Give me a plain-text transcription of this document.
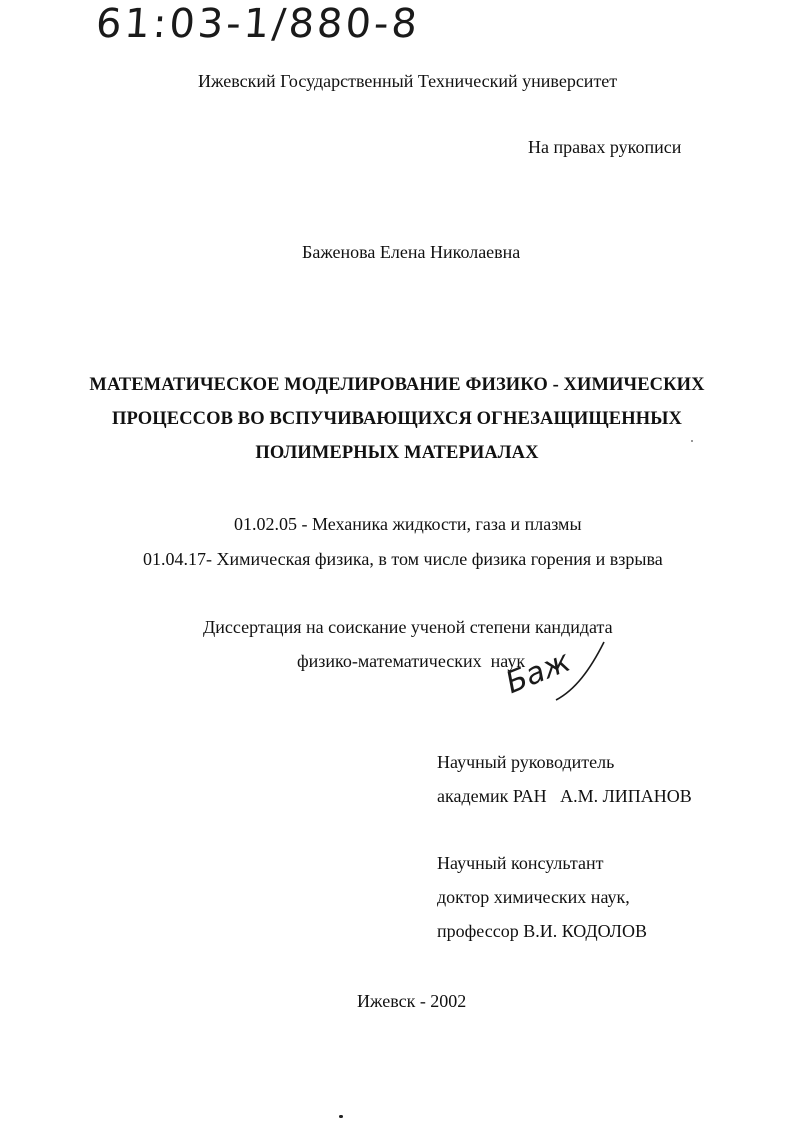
61:03-1/880-8
Ижевский Государственный Технический университет
На правах рукописи
Баженова Елена Николаевна
МАТЕМАТИЧЕСКОЕ МОДЕЛИРОВАНИЕ ФИЗИКО - ХИМИЧЕСКИХ
ПРОЦЕССОВ ВО ВСПУЧИВАЮЩИХСЯ ОГНЕЗАЩИЩЕННЫХ
ПОЛИМЕРНЫХ МАТЕРИАЛАХ
01.02.05 - Механика жидкости, газа и плазмы
01.04.17- Химическая физика, в том числе физика горения и взрыва
Диссертация на соискание ученой степени кандидата
физико-математических  наук
Баж
Научный руководитель
академик РАН   А.М. ЛИПАНОВ
Научный консультант
доктор химических наук,
профессор В.И. КОДОЛОВ
Ижевск - 2002
